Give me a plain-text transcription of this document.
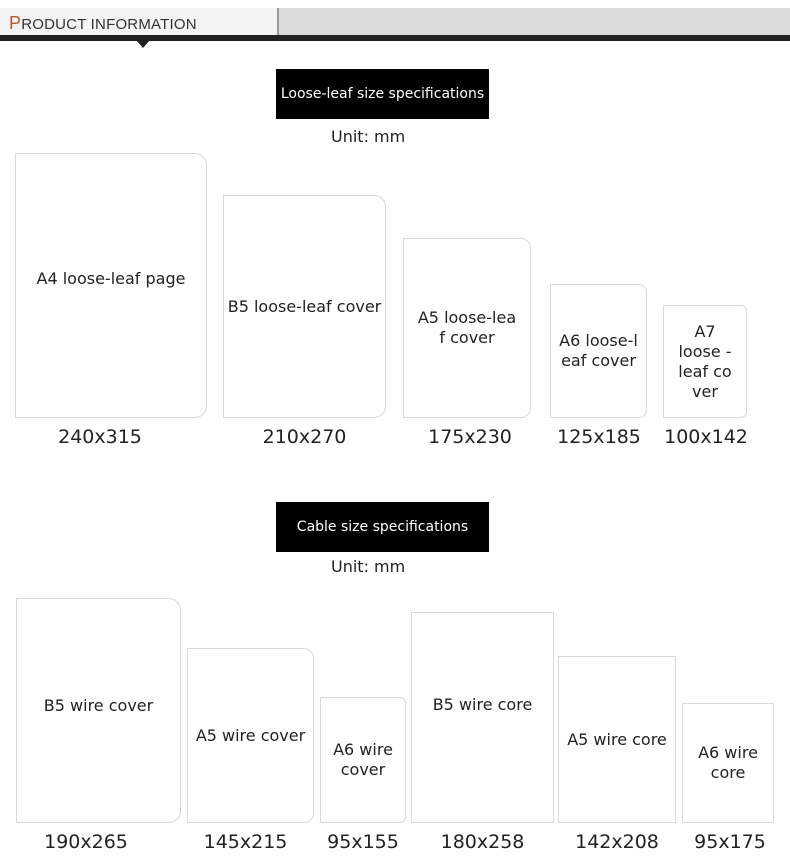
PRODUCT INFORMATION
Loose-leaf size specifications
Unit: mm
A4 loose-leaf page
B5 loose-leaf cover
A5 loose-lea f cover	A6 loose-l eaf cover
A7 loose -leaf co ver
240x315	210x270	175x230	125x185	100x142
Cable size specifications
Unit: mm
B5 wire cover
A5 wire cover
A6 wire cover
B5 wire core
A5 wire core
A6 wire core
190x265	145x215	95x155	180x258	142x208	95x175
